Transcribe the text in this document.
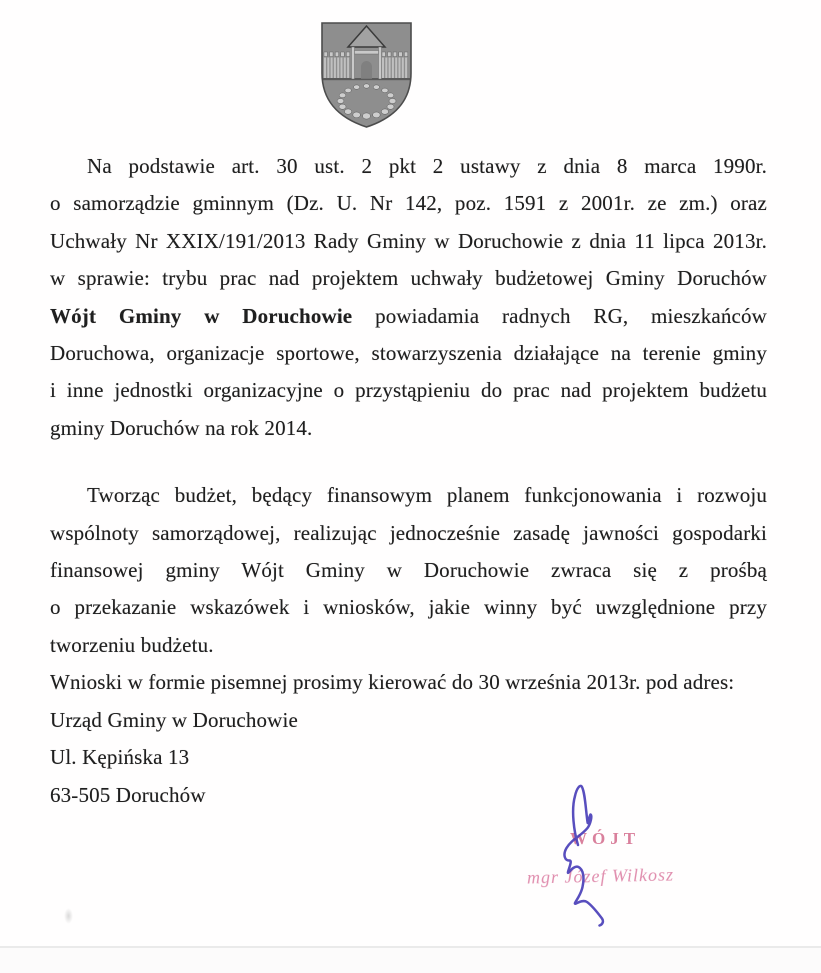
Na podstawie art. 30 ust. 2 pkt 2 ustawy z dnia 8 marca 1990r.
o samorządzie gminnym (Dz. U. Nr 142, poz. 1591 z 2001r. ze zm.) oraz
Uchwały Nr XXIX/191/2013 Rady Gminy w Doruchowie z dnia 11 lipca 2013r.
w sprawie: trybu prac nad projektem uchwały budżetowej Gminy Doruchów
Wójt Gminy w Doruchowie powiadamia radnych RG, mieszkańców
Doruchowa, organizacje sportowe, stowarzyszenia działające na terenie gminy
i inne jednostki organizacyjne o przystąpieniu do prac nad projektem budżetu
gminy Doruchów na rok 2014.
Tworząc budżet, będący finansowym planem funkcjonowania i rozwoju
wspólnoty samorządowej, realizując jednocześnie zasadę jawności gospodarki
finansowej gminy Wójt Gminy w Doruchowie zwraca się z prośbą
o przekazanie wskazówek i wniosków, jakie winny być uwzględnione przy
tworzeniu budżetu.
Wnioski w formie pisemnej prosimy kierować do 30 września 2013r. pod adres:
Urząd Gminy w Doruchowie
Ul. Kępińska 13
63-505 Doruchów
WÓJT
mgr Józef Wilkosz
